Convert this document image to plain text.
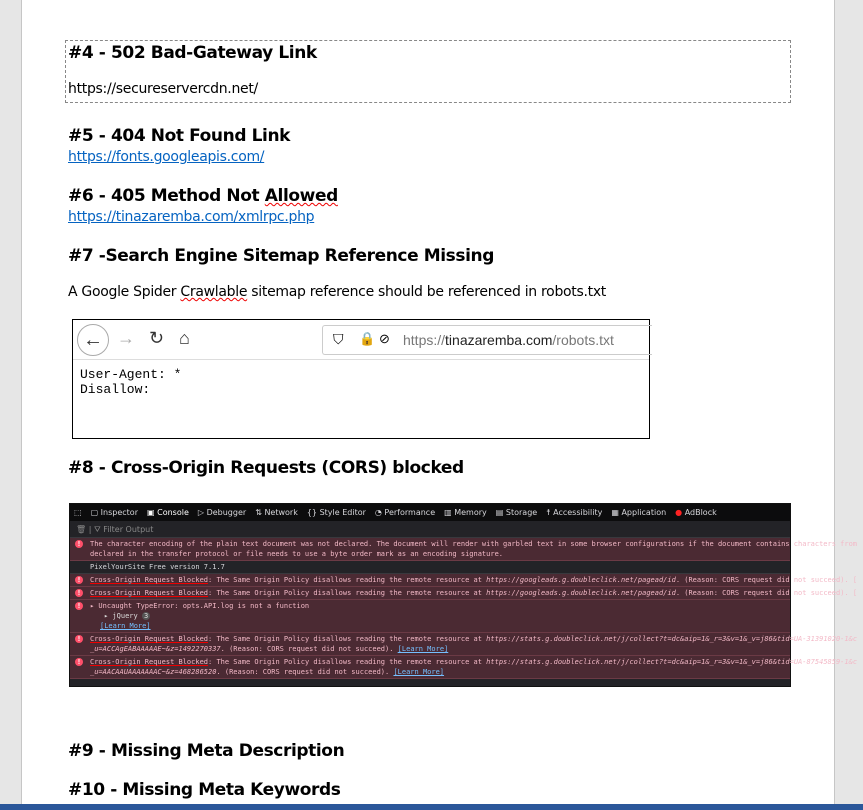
#4 - 502 Bad-Gateway Link
https://secureservercdn.net/
#5 - 404 Not Found Link
https://fonts.googleapis.com/
#6 - 405 Method Not Allowed
https://tinazaremba.com/xmlrpc.php
#7 -Search Engine Sitemap Reference Missing
A Google Spider Crawlable sitemap reference should be referenced in robots.txt
← → ↻ ⌂	⛉ 🔒 ⊘ https://tinazaremba.com/robots.txt
User-Agent: *
Disallow:
#8 - Cross-Origin Requests (CORS) blocked
⬚ ▢ Inspector ▣ Console ▷ Debugger ⇅ Network {} Style Editor ◔ Performance ▥ Memory ▤ Storage ☨ Accessibility ▦ Application ● AdBlock
🗑 | ⛛ Filter Output
! The character encoding of the plain text document was not declared. The document will render with garbled text in some browser configurations if the document contains characters from
declared in the transfer protocol or file needs to use a byte order mark as an encoding signature.
PixelYourSite Free version 7.1.7
! Cross-Origin Request Blocked: The Same Origin Policy disallows reading the remote resource at https://googleads.g.doubleclick.net/pagead/id. (Reason: CORS request did not succeed). [
! Cross-Origin Request Blocked: The Same Origin Policy disallows reading the remote resource at https://googleads.g.doubleclick.net/pagead/id. (Reason: CORS request did not succeed). [
! ▸ Uncaught TypeError: opts.API.log is not a function
▸ jQuery 3
[Learn More]
! Cross-Origin Request Blocked: The Same Origin Policy disallows reading the remote resource at https://stats.g.doubleclick.net/j/collect?t=dc&aip=1&_r=3&v=1&_v=j86&tid=UA-31391020-1&c
_u=ACCAgEABAAAAAE~&z=1492270337. (Reason: CORS request did not succeed). [Learn More]
! Cross-Origin Request Blocked: The Same Origin Policy disallows reading the remote resource at https://stats.g.doubleclick.net/j/collect?t=dc&aip=1&_r=3&v=1&_v=j86&tid=UA-87545859-1&c
_u=AACAAUAAAAAAAC~&z=468286520. (Reason: CORS request did not succeed). [Learn More]
#9 - Missing Meta Description
#10 - Missing Meta Keywords
